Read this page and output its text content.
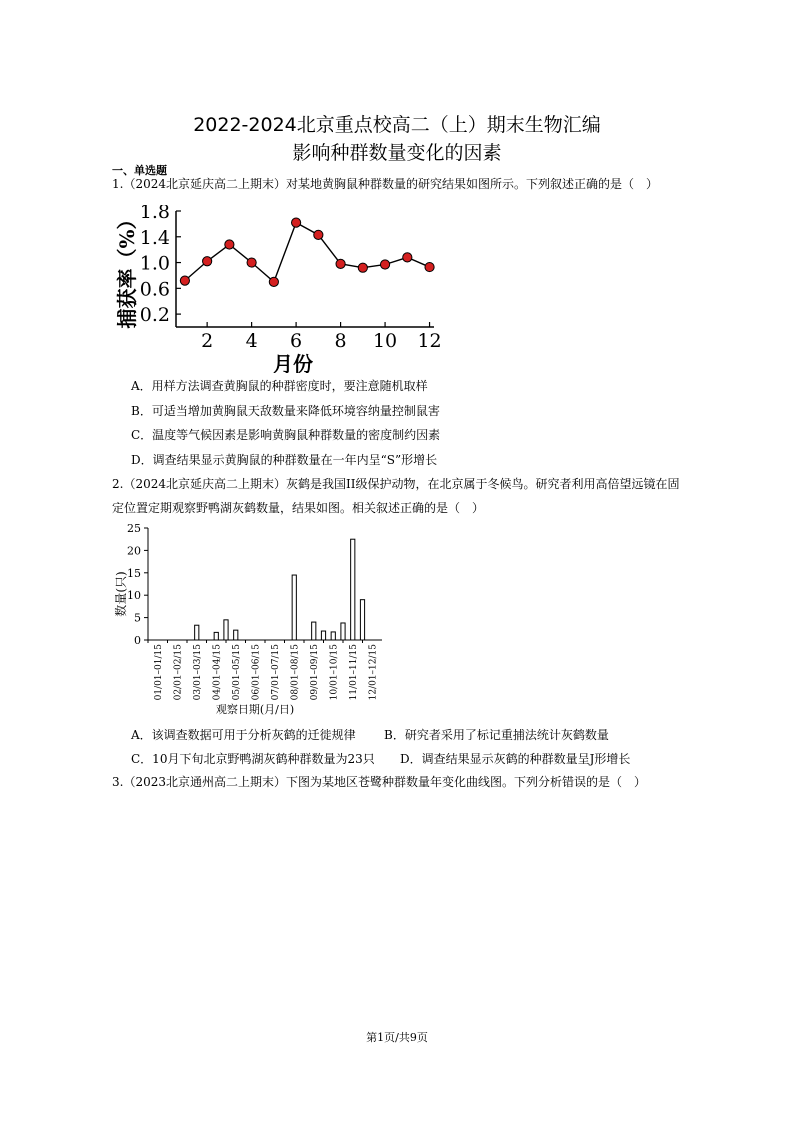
2022-2024北京重点校高二（上）期末生物汇编
影响种群数量变化的因素
一、单选题
1.（2024北京延庆高二上期末）对某地黄胸鼠种群数量的研究结果如图所示。下列叙述正确的是（　）
0.2
0.6
1.0
1.4
1.8
2 4 6 8 10 12
月份
捕获率（%）
A．用样方法调查黄胸鼠的种群密度时，要注意随机取样
B．可适当增加黄胸鼠天敌数量来降低环境容纳量控制鼠害
C．温度等气候因素是影响黄胸鼠种群数量的密度制约因素
D．调查结果显示黄胸鼠的种群数量在一年内呈“S”形增长
2.（2024北京延庆高二上期末）灰鹤是我国II级保护动物，在北京属于冬候鸟。研究者利用高倍望远镜在固
定位置定期观察野鸭湖灰鹤数量，结果如图。相关叙述正确的是（　）
0
5
10
15
20
25
01/01–01/15 02/01–02/15 03/01–03/15 04/01–04/15 05/01–05/15 06/01–06/15 07/01–07/15 08/01–08/15 09/01–09/15 10/01–10/15 11/01–11/15 12/01–12/15
观察日期(月/日)
数量(只)
A．该调查数据可用于分析灰鹤的迁徙规律 B．研究者采用了标记重捕法统计灰鹤数量
C．10月下旬北京野鸭湖灰鹤种群数量为23只 D．调查结果显示灰鹤的种群数量呈J形增长
3.（2023北京通州高二上期末）下图为某地区苍鹭种群数量年变化曲线图。下列分析错误的是（　）
第1页/共9页
